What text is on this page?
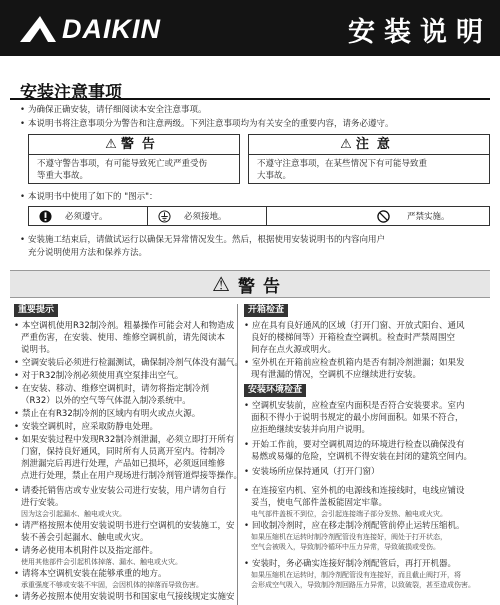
DAIKIN	安装说明
安装注意事项
• 为确保正确安装，请仔细阅读本安全注意事项。
• 本说明书将注意事项分为警告和注意两级。下列注意事项均为有关安全的重要内容，请务必遵守。
⚠ 警告
不遵守警告事项，有可能导致死亡或严重受伤
等重大事故。
⚠ 注意
不遵守注意事项，在某些情况下有可能导致重
大事故。
• 本说明书中使用了如下的 "图示"：
必须遵守。	必须接地。	严禁实施。
• 安装施工结束后，请做试运行以确保无异常情况发生。然后，根据使用安装说明书的内容向用户
充分说明使用方法和保养方法。
⚠ 警告
重要提示
• 本空调机使用R32制冷剂。粗暴操作可能会对人和物造成
严重伤害，在安装、使用、维修空调机前，请先阅读本
说明书。
• 空调安装后必须进行检漏测试，确保制冷剂气体没有漏气。
• 对于R32制冷剂必须使用真空泵排出空气。
• 在安装、移动、维修空调机时，请勿将指定制冷剂
（R32）以外的空气等气体混入制冷系统中。
• 禁止在有R32制冷剂的区域内有明火或点火源。
• 安装空调机时，应采取防静电处理。
• 如果安装过程中发现R32制冷剂泄漏，必须立即打开所有
门窗，保持良好通风，同时所有人员离开室内。待制冷
剂泄漏完后再进行处理，产品如已损坏，必须返回维修
点进行处理，禁止在用户现场进行制冷剂管道焊接等操作。
• 请委托销售店或专业安装公司进行安装，用户请勿自行
进行安装。
因为这会引起漏水、触电或火灾。
• 请严格按照本使用安装说明书进行空调机的安装施工，安
装不善会引起漏水、触电或火灾。
• 请务必使用本机附件以及指定部件。
使用其他部件会引起机体掉落、漏水、触电或火灾。
• 请将本空调机安装在能够承重的地方。
承重强度不够或安装不牢固，会因机体的掉落而导致伤害。
• 请务必按照本使用安装说明书和国家电气接线规定实施安
开箱检查
• 应在具有良好通风的区域（打开门窗、开放式阳台、通风
良好的楼梯间等）开箱检查空调机。检查时严禁周围空
间存在点火源或明火。
• 室外机在开箱前应检查机箱内是否有制冷剂泄漏；如果发
现有泄漏的情况，空调机不应继续进行安装。
安装环境检查
• 空调机安装前，应检查室内面积是否符合安装要求。室内
面积不得小于说明书规定的最小房间面积。如果不符合，
应拒绝继续安装并向用户说明。
• 开始工作前，要对空调机周边的环境进行检查以确保没有
易燃或易爆的危险，空调机不得安装在封闭的建筑空间内。
• 安装场所应保持通风（打开门窗）
• 在连接室内机、室外机的电源线和连接线时，电线应铺设
妥当，使电气部件盖板能固定牢靠。
电气部件盖板不到位，会引起连接端子部分发热、触电或火灾。
• 回收制冷剂时，应在移走制冷剂配管前停止运转压缩机。
如果压缩机在运转时制冷剂配管没有连接好，阀处于打开状态，
空气会被吸入，导致制冷循环中压力异常，导致破损或受伤。
• 安装时，务必确实连接好制冷剂配管后，再打开机器。
如果压缩机在运转时，制冷剂配管没有连接好，而且截止阀打开，将
会形成空气吸入，导致制冷剂回路压力异常，以致破裂，甚至造成伤害。
